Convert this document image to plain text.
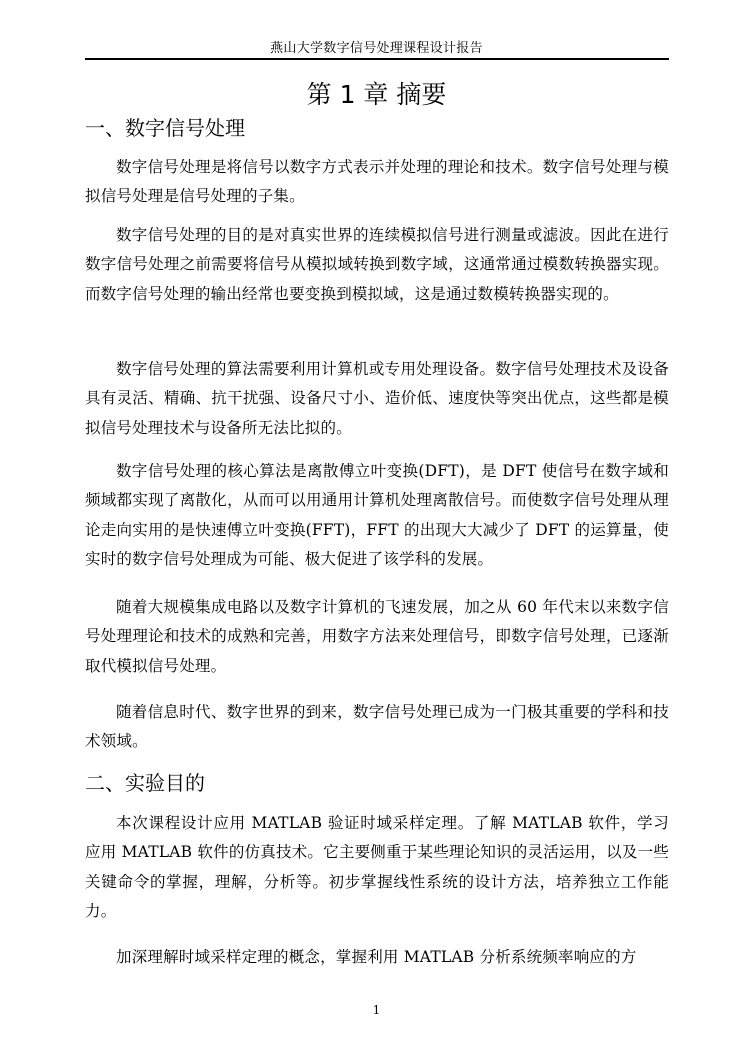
燕山大学数字信号处理课程设计报告
第 1 章 摘要
一、数字信号处理

数字信号处理是将信号以数字方式表示并处理的理论和技术。数字信号处理与模拟信号处理是信号处理的子集。

数字信号处理的目的是对真实世界的连续模拟信号进行测量或滤波。因此在进行数字信号处理之前需要将信号从模拟域转换到数字域，这通常通过模数转换器实现。而数字信号处理的输出经常也要变换到模拟域，这是通过数模转换器实现的。

数字信号处理的算法需要利用计算机或专用处理设备。数字信号处理技术及设备具有灵活、精确、抗干扰强、设备尺寸小、造价低、速度快等突出优点，这些都是模拟信号处理技术与设备所无法比拟的。

数字信号处理的核心算法是离散傅立叶变换(DFT)，是 DFT 使信号在数字域和频域都实现了离散化，从而可以用通用计算机处理离散信号。而使数字信号处理从理论走向实用的是快速傅立叶变换(FFT)，FFT 的出现大大减少了 DFT 的运算量，使实时的数字信号处理成为可能、极大促进了该学科的发展。

随着大规模集成电路以及数字计算机的飞速发展，加之从 60 年代末以来数字信号处理理论和技术的成熟和完善，用数字方法来处理信号，即数字信号处理，已逐渐取代模拟信号处理。

随着信息时代、数字世界的到来，数字信号处理已成为一门极其重要的学科和技术领域。

二、实验目的

本次课程设计应用 MATLAB 验证时域采样定理。了解 MATLAB 软件，学习应用 MATLAB 软件的仿真技术。它主要侧重于某些理论知识的灵活运用，以及一些关键命令的掌握，理解，分析等。初步掌握线性系统的设计方法，培养独立工作能力。

加深理解时域采样定理的概念，掌握利用 MATLAB 分析系统频率响应的方

1
